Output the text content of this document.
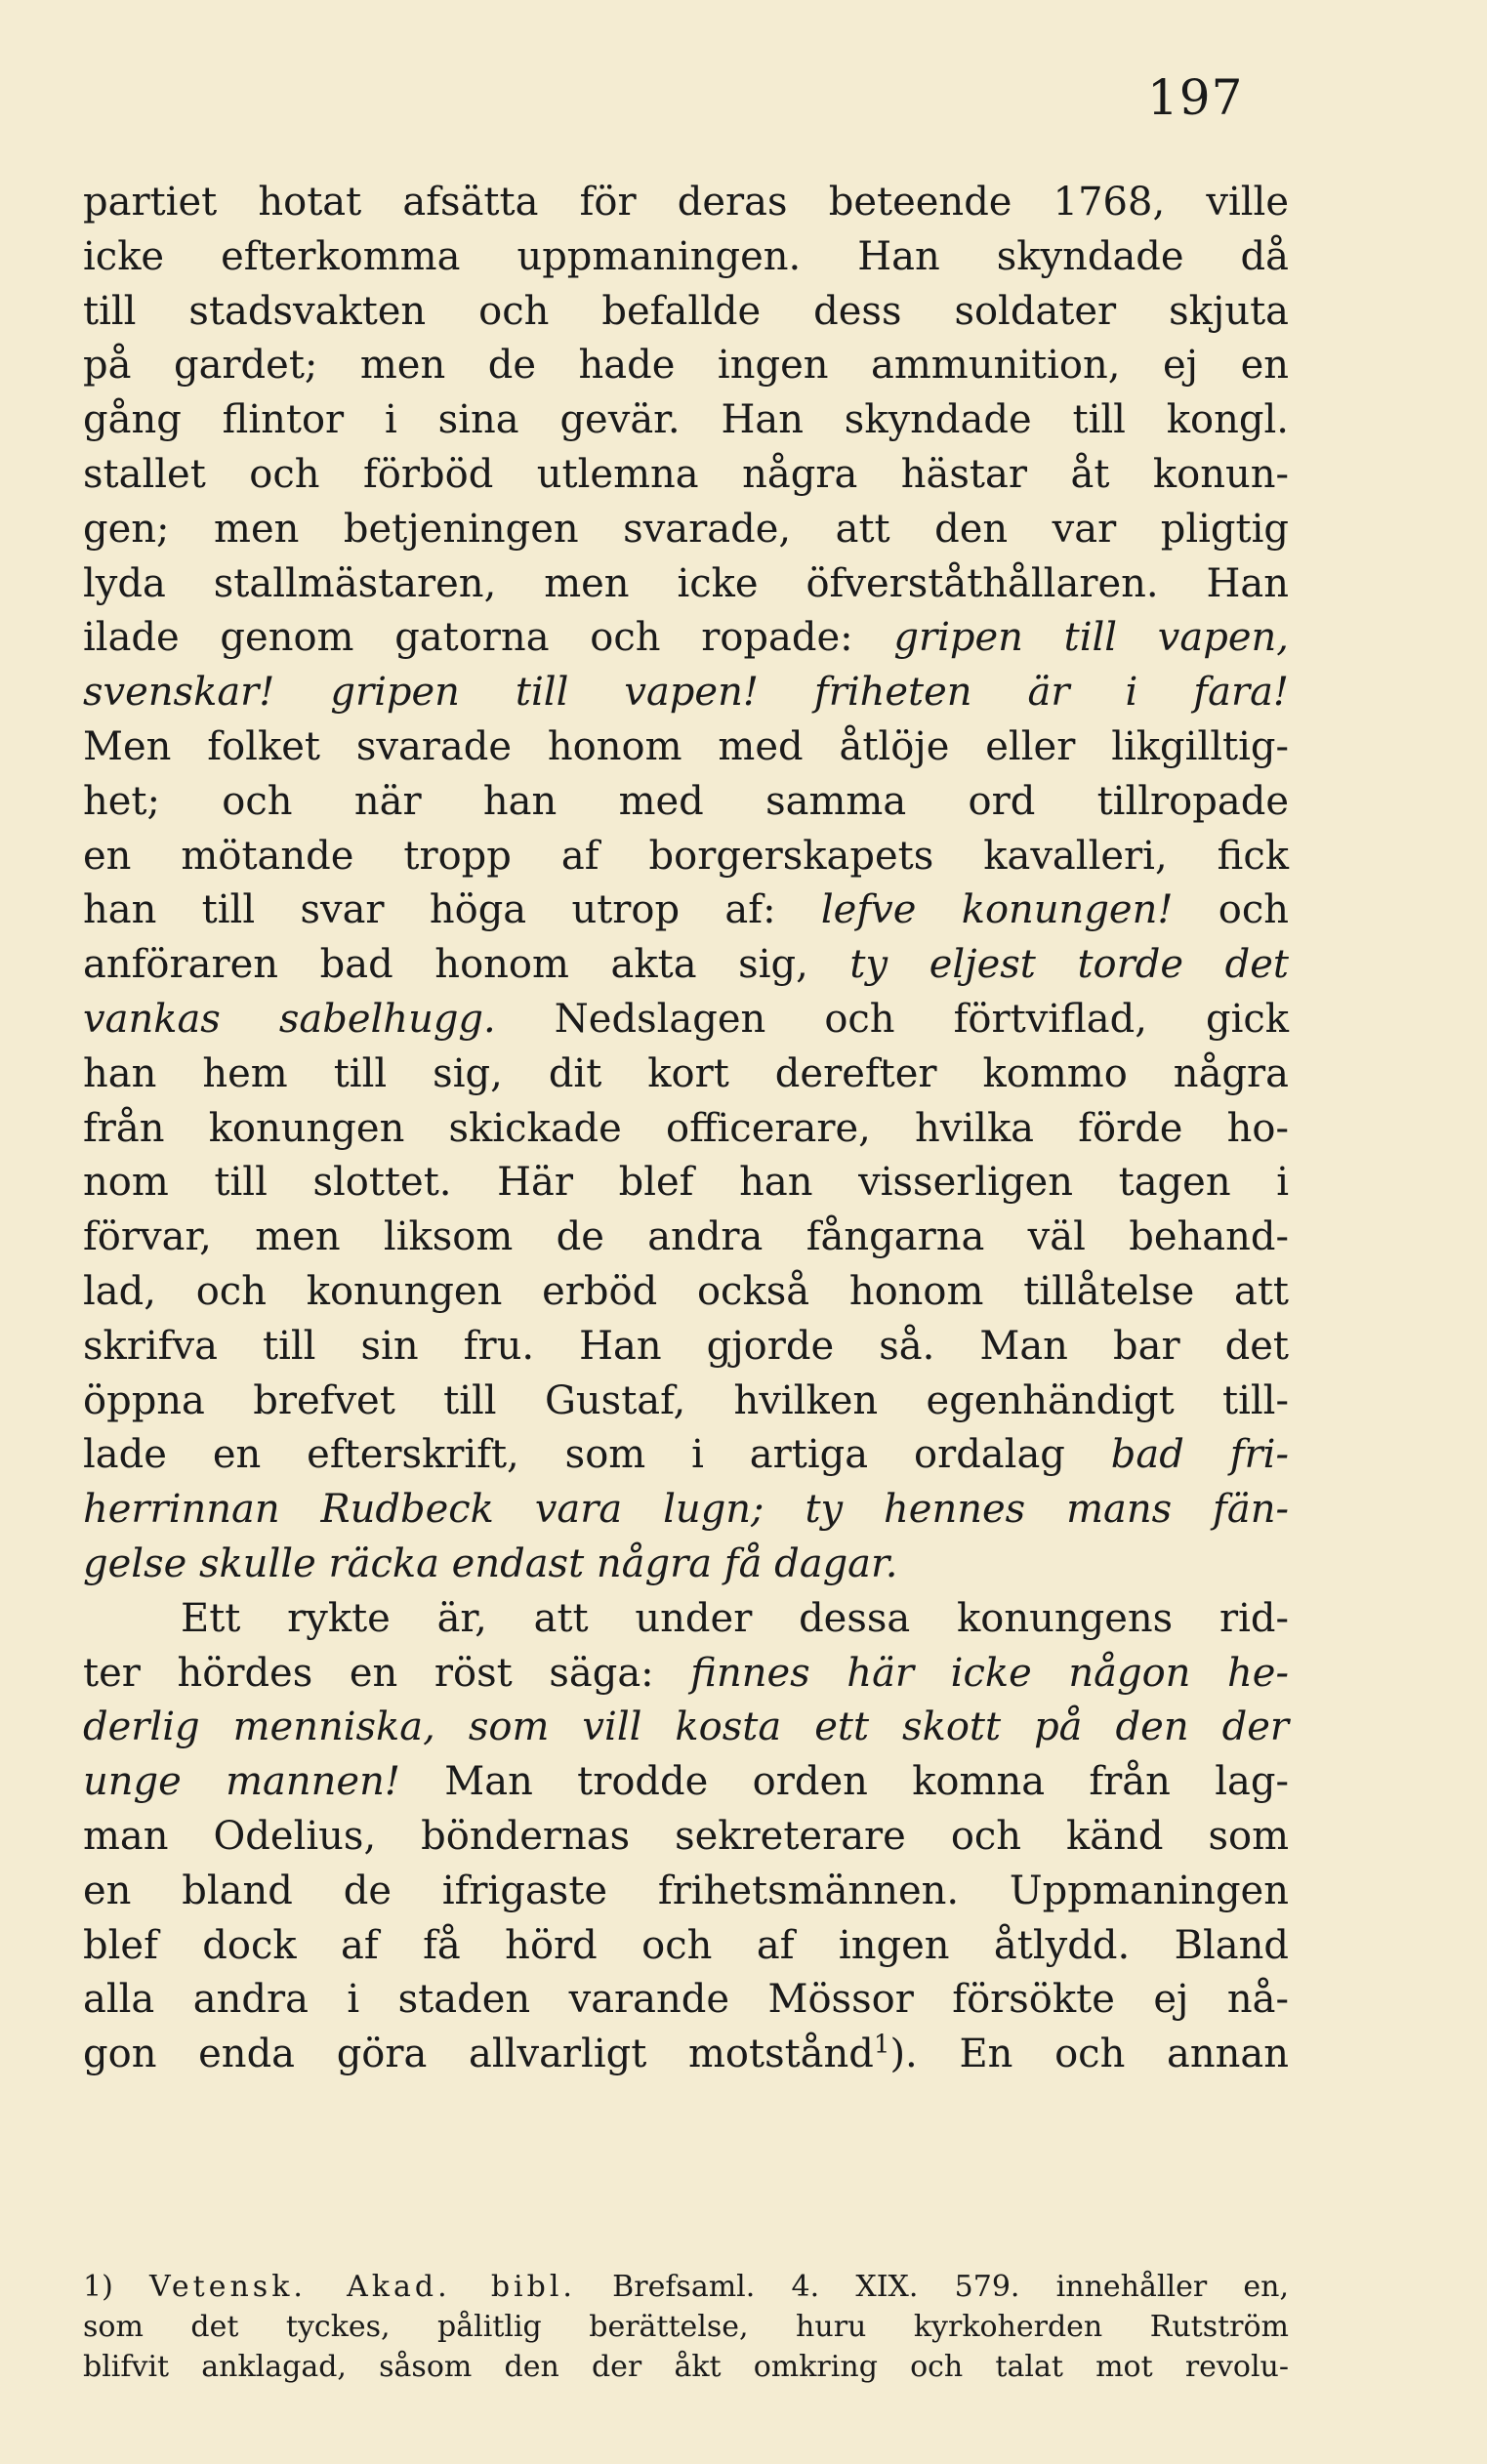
197
partiet hotat afsätta för deras beteende 1768, ville
icke efterkomma uppmaningen. Han skyndade då
till stadsvakten och befallde dess soldater skjuta
på gardet; men de hade ingen ammunition, ej en
gång flintor i sina gevär. Han skyndade till kongl.
stallet och förböd utlemna några hästar åt konun-
gen; men betjeningen svarade, att den var pligtig
lyda stallmästaren, men icke öfverståthållaren. Han
ilade genom gatorna och ropade: gripen till vapen,
svenskar! gripen till vapen! friheten är i fara!
Men folket svarade honom med åtlöje eller likgilltig-
het; och när han med samma ord tillropade
en mötande tropp af borgerskapets kavalleri, fick
han till svar höga utrop af: lefve konungen! och
anföraren bad honom akta sig, ty eljest torde det
vankas sabelhugg. Nedslagen och förtviflad, gick
han hem till sig, dit kort derefter kommo några
från konungen skickade officerare, hvilka förde ho-
nom till slottet. Här blef han visserligen tagen i
förvar, men liksom de andra fångarna väl behand-
lad, och konungen erböd också honom tillåtelse att
skrifva till sin fru. Han gjorde så. Man bar det
öppna brefvet till Gustaf, hvilken egenhändigt till-
lade en efterskrift, som i artiga ordalag bad fri-
herrinnan Rudbeck vara lugn; ty hennes mans fän-
gelse skulle räcka endast några få dagar.
Ett rykte är, att under dessa konungens rid-
ter hördes en röst säga: finnes här icke någon he-
derlig menniska, som vill kosta ett skott på den der
unge mannen! Man trodde orden komna från lag-
man Odelius, böndernas sekreterare och känd som
en bland de ifrigaste frihetsmännen. Uppmaningen
blef dock af få hörd och af ingen åtlydd. Bland
alla andra i staden varande Mössor försökte ej nå-
gon enda göra allvarligt motstånd$^1$). En och annan
1) Vetensk. Akad. bibl. Brefsaml. 4. XIX. 579. innehåller en,
som det tyckes, pålitlig berättelse, huru kyrkoherden Rutström
blifvit anklagad, såsom den der åkt omkring och talat mot revolu-
